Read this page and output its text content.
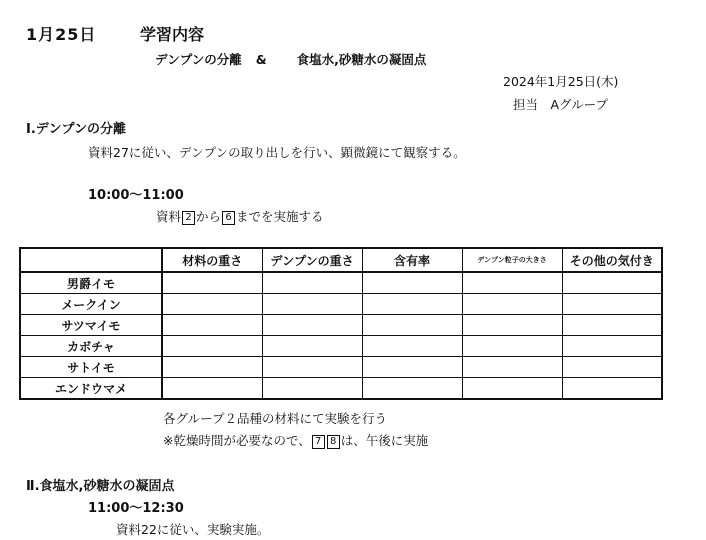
1月25日	学習内容
デンプンの分離 & 食塩水,砂糖水の凝固点
2024年1月25日(木)
担当　Aグループ
Ⅰ.デンプンの分離
資料27に従い、デンプンの取り出しを行い、顕微鏡にて観察する。
10:00～11:00
資料 2 から 6 までを実施する
	材料の重さ	デンプンの重さ	含有率	デンプン粒子の大きさ	その他の気付き
男爵イモ					
メークイン					
サツマイモ					
カボチャ					
サトイモ					
エンドウマメ					
各グループ２品種の材料にて実験を行う
※乾燥時間が必要なので、 7 8 は、午後に実施
Ⅱ.食塩水,砂糖水の凝固点
11:00～12:30
資料22に従い、実験実施。
